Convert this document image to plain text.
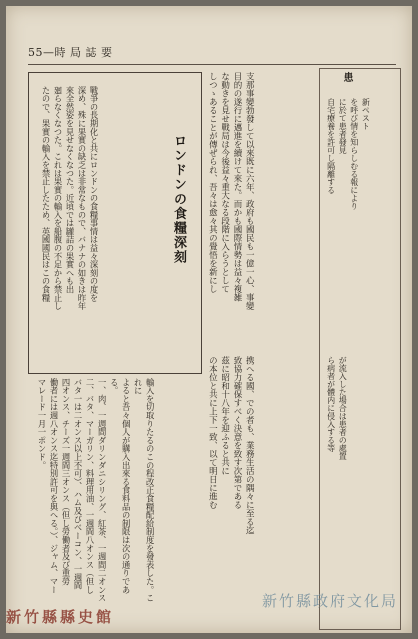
55—時 局 誌 要
患
新ペスト
を呼び情を知らしむる報により
に於て患者發見
自宅療養を許可し隔離する
が流入した場合は患者の處置
ら病者が體内に侵入する等
支那事變勃發して以來既に六年、政府も國民も一億一心、事變
目的の遂行に邁進を續けて來た。而かも國際情勢は益々複雑
な動きを見せ戰局は今後益々重大なる段階に入らうとして
しつゝあることが傳ぜられ、吾々は愈々其の覺悟を新にし
携へる國、での者も、業務生活の隅々に至る迄
致協力確保すべく決意を致す次第である
茲に昭和十八年を迎ふると共に
の本位と共に上下一致、以て明日に進む
ロンドンの食糧深刻
戰爭の長期化と共にロンドンの食糧事情は益々深刻の度を
深め、殊に果實の缺乏は非常なもので、バナナの如きは昨年
來全然姿を見せなくなつた。近頃では罐詰の果實へも出
廻らなくなつた。これは果實の輸入を船腹の不足から禁止し
たので、果實の輸入を禁止したため、英國國民はこの食糧
輸入を切取りたるのこの程改正食糧配給制度を發表した。これに
よると吾々個人が購入出來る食料品の制限は次の通りである。
一、肉、一週間ダリンダニシリング、紅茶、一週間二オンス
二、バタ、マーガリン、料理用油、一週間八オンス（但し
バタ一は二オンス以上不可）、ハム及びベーコン、一週間
四オンス、チーズ一週間三オンス（但し勞働者及び重勞
働者には週八オンス迄特別許可を與へる。）、ジャム、マー
マレード一月一ポンド。
新竹縣縣史館
新竹縣政府文化局
